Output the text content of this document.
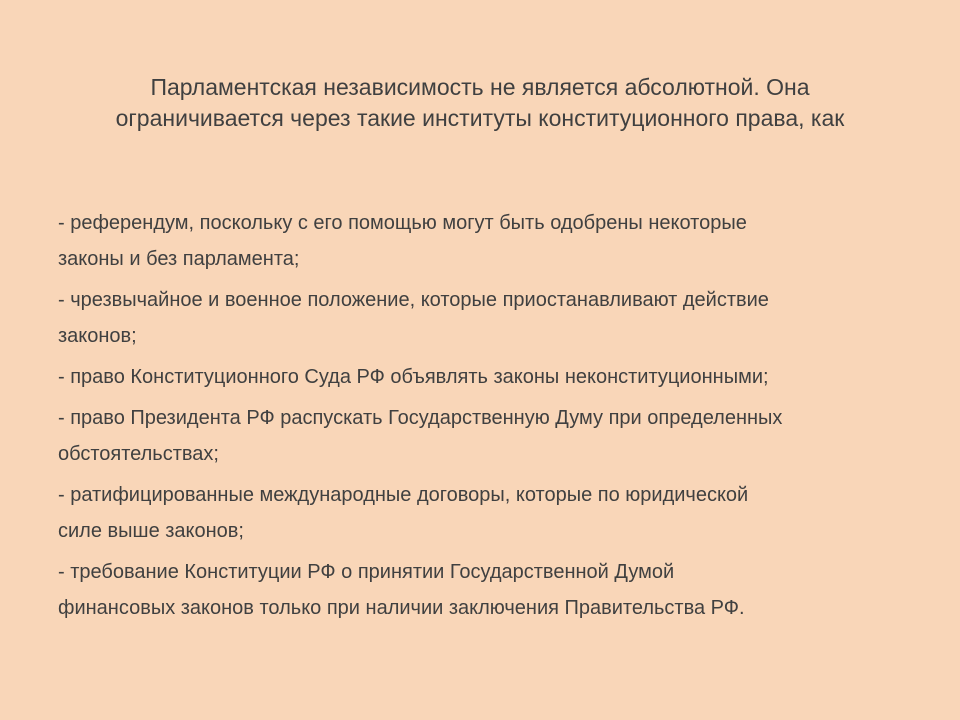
Парламентская независимость не является абсолютной. Она
ограничивается через такие институты конституционного права, как
- референдум, поскольку с его помощью могут быть одобрены некоторые
законы и без парламента;
- чрезвычайное и военное положение, которые приостанавливают действие
законов;
- право Конституционного Суда РФ объявлять законы неконституционными;
- право Президента РФ распускать Государственную Думу при определенных
обстоятельствах;
- ратифицированные международные договоры, которые по юридической
силе выше законов;
- требование Конституции РФ о принятии Государственной Думой
финансовых законов только при наличии заключения Правительства РФ.
